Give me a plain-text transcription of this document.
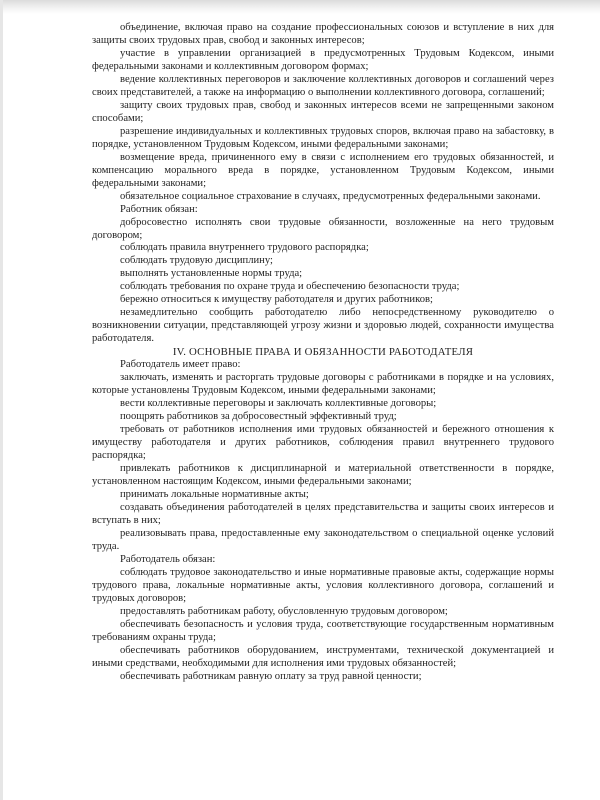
объединение, включая право на создание профессиональных союзов и вступление в них для защиты своих трудовых прав, свобод и законных интересов;

участие в управлении организацией в предусмотренных Трудовым Кодексом, иными федеральными законами и коллективным договором формах;

ведение коллективных переговоров и заключение коллективных договоров и соглашений через своих представителей, а также на информацию о выполнении коллективного договора, соглашений;

защиту своих трудовых прав, свобод и законных интересов всеми не запрещенными законом способами;

разрешение индивидуальных и коллективных трудовых споров, включая право на забастовку, в порядке, установленном Трудовым Кодексом, иными федеральными законами;

возмещение вреда, причиненного ему в связи с исполнением его трудовых обязанностей, и компенсацию морального вреда в порядке, установленном Трудовым Кодексом, иными федеральными законами;

обязательное социальное страхование в случаях, предусмотренных федеральными законами.

Работник обязан:

добросовестно исполнять свои трудовые обязанности, возложенные на него трудовым договором;

соблюдать правила внутреннего трудового распорядка;

соблюдать трудовую дисциплину;

выполнять установленные нормы труда;

соблюдать требования по охране труда и обеспечению безопасности труда;

бережно относиться к имуществу работодателя и других работников;

незамедлительно сообщить работодателю либо непосредственному руководителю о возникновении ситуации, представляющей угрозу жизни и здоровью людей, сохранности имущества работодателя.

IV. ОСНОВНЫЕ ПРАВА И ОБЯЗАННОСТИ РАБОТОДАТЕЛЯ

Работодатель имеет право:

заключать, изменять и расторгать трудовые договоры с работниками в порядке и на условиях, которые установлены Трудовым Кодексом, иными федеральными законами;

вести коллективные переговоры и заключать коллективные договоры;

поощрять работников за добросовестный эффективный труд;

требовать от работников исполнения ими трудовых обязанностей и бережного отношения к имуществу работодателя и других работников, соблюдения правил внутреннего трудового распорядка;

привлекать работников к дисциплинарной и материальной ответственности в порядке, установленном настоящим Кодексом, иными федеральными законами;

принимать локальные нормативные акты;

создавать объединения работодателей в целях представительства и защиты своих интересов и вступать в них;

реализовывать права, предоставленные ему законодательством о специальной оценке условий труда.

Работодатель обязан:

соблюдать трудовое законодательство и иные нормативные правовые акты, содержащие нормы трудового права, локальные нормативные акты, условия коллективного договора, соглашений и трудовых договоров;

предоставлять работникам работу, обусловленную трудовым договором;

обеспечивать безопасность и условия труда, соответствующие государственным нормативным требованиям охраны труда;

обеспечивать работников оборудованием, инструментами, технической документацией и иными средствами, необходимыми для исполнения ими трудовых обязанностей;

обеспечивать работникам равную оплату за труд равной ценности;
